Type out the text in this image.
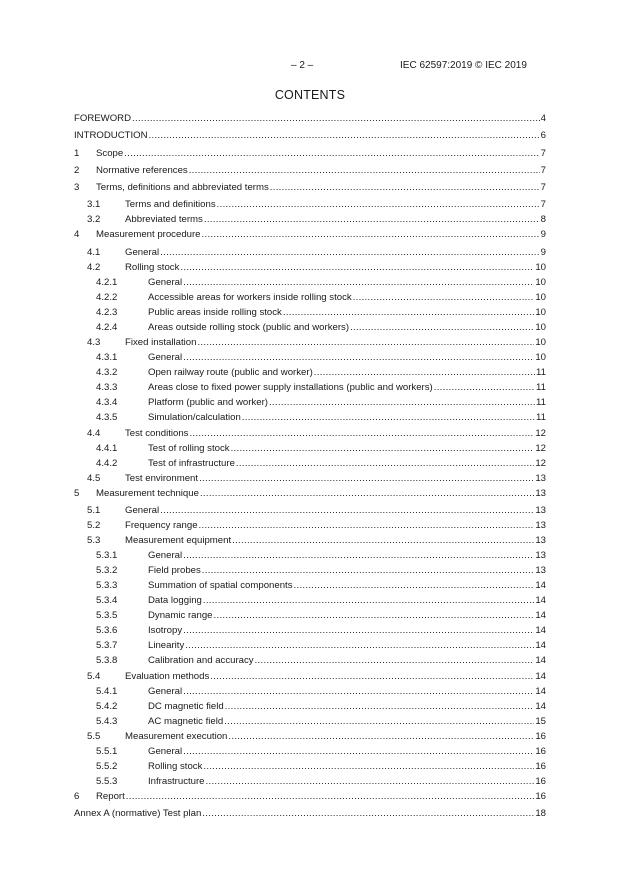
– 2 –	IEC 62597:2019 © IEC 2019
CONTENTS
FOREWORD .....	4
INTRODUCTION .....	6
1	Scope .....	7
2	Normative references .....	7
3	Terms, definitions and abbreviated terms .....	7
3.1	Terms and definitions .....	7
3.2	Abbreviated terms .....	8
4	Measurement procedure .....	9
4.1	General .....	9
4.2	Rolling stock .....	10
4.2.1	General .....	10
4.2.2	Accessible areas for workers inside rolling stock .....	10
4.2.3	Public areas inside rolling stock .....	10
4.2.4	Areas outside rolling stock (public and workers) .....	10
4.3	Fixed installation .....	10
4.3.1	General .....	10
4.3.2	Open railway route (public and worker) .....	11
4.3.3	Areas close to fixed power supply installations (public and workers) .....	11
4.3.4	Platform (public and worker) .....	11
4.3.5	Simulation/calculation .....	11
4.4	Test conditions .....	12
4.4.1	Test of rolling stock .....	12
4.4.2	Test of infrastructure .....	12
4.5	Test environment .....	13
5	Measurement technique .....	13
5.1	General .....	13
5.2	Frequency range .....	13
5.3	Measurement equipment .....	13
5.3.1	General .....	13
5.3.2	Field probes .....	13
5.3.3	Summation of spatial components .....	14
5.3.4	Data logging .....	14
5.3.5	Dynamic range .....	14
5.3.6	Isotropy .....	14
5.3.7	Linearity .....	14
5.3.8	Calibration and accuracy .....	14
5.4	Evaluation methods .....	14
5.4.1	General .....	14
5.4.2	DC magnetic field .....	14
5.4.3	AC magnetic field .....	15
5.5	Measurement execution .....	16
5.5.1	General .....	16
5.5.2	Rolling stock .....	16
5.5.3	Infrastructure .....	16
6	Report .....	16
Annex A (normative) Test plan .....	18
